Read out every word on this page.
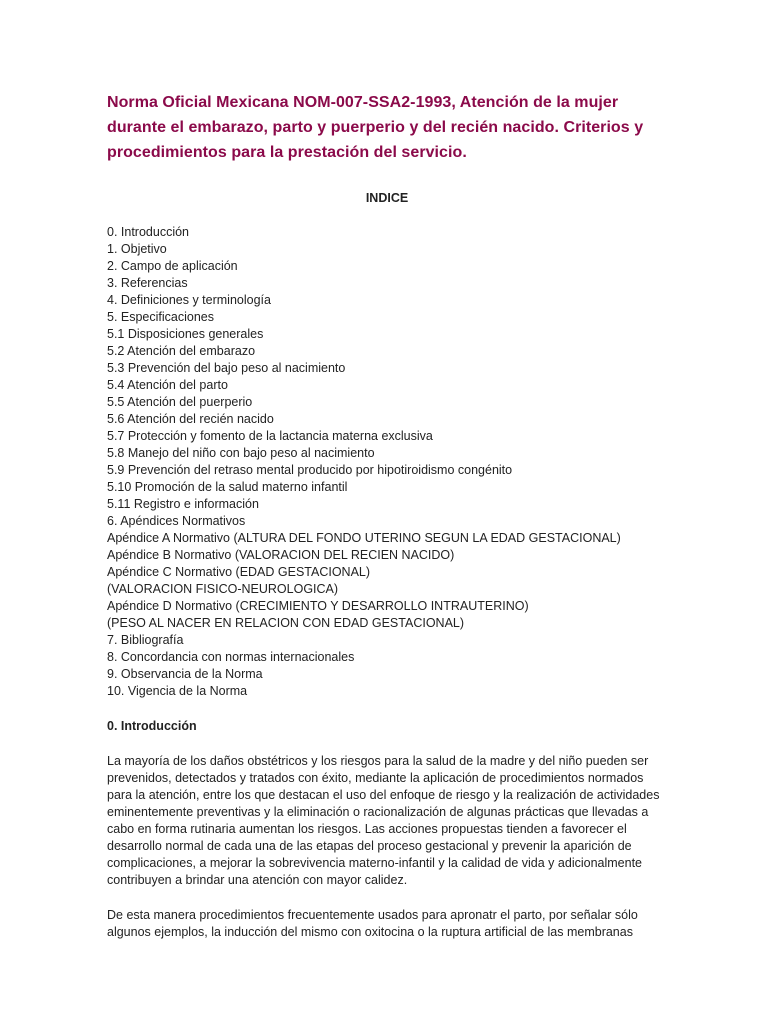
Norma Oficial Mexicana NOM-007-SSA2-1993, Atención de la mujer durante el embarazo, parto y puerperio y del recién nacido. Criterios y procedimientos para la prestación del servicio.
INDICE
0. Introducción
1. Objetivo
2. Campo de aplicación
3. Referencias
4. Definiciones y terminología
5. Especificaciones
5.1 Disposiciones generales
5.2 Atención del embarazo
5.3 Prevención del bajo peso al nacimiento
5.4 Atención del parto
5.5 Atención del puerperio
5.6 Atención del recién nacido
5.7 Protección y fomento de la lactancia materna exclusiva
5.8 Manejo del niño con bajo peso al nacimiento
5.9 Prevención del retraso mental producido por hipotiroidismo congénito
5.10 Promoción de la salud materno infantil
5.11 Registro e información
6. Apéndices Normativos
Apéndice A Normativo (ALTURA DEL FONDO UTERINO SEGUN LA EDAD GESTACIONAL)
Apéndice B Normativo (VALORACION DEL RECIEN NACIDO)
Apéndice C Normativo (EDAD GESTACIONAL)
(VALORACION FISICO-NEUROLOGICA)
Apéndice D Normativo (CRECIMIENTO Y DESARROLLO INTRAUTERINO)
(PESO AL NACER EN RELACION CON EDAD GESTACIONAL)
7. Bibliografía
8. Concordancia con normas internacionales
9. Observancia de la Norma
10. Vigencia de la Norma
0. Introducción

La mayoría de los daños obstétricos y los riesgos para la salud de la madre y del niño pueden ser prevenidos, detectados y tratados con éxito, mediante la aplicación de procedimientos normados para la atención, entre los que destacan el uso del enfoque de riesgo y la realización de actividades eminentemente preventivas y la eliminación o racionalización de algunas prácticas que llevadas a cabo en forma rutinaria aumentan los riesgos. Las acciones propuestas tienden a favorecer el desarrollo normal de cada una de las etapas del proceso gestacional y prevenir la aparición de complicaciones, a mejorar la sobrevivencia materno-infantil y la calidad de vida y adicionalmente contribuyen a brindar una atención con mayor calidez.

De esta manera procedimientos frecuentemente usados para apronatr el parto, por señalar sólo algunos ejemplos, la inducción del mismo con oxitocina o la ruptura artificial de las membranas
